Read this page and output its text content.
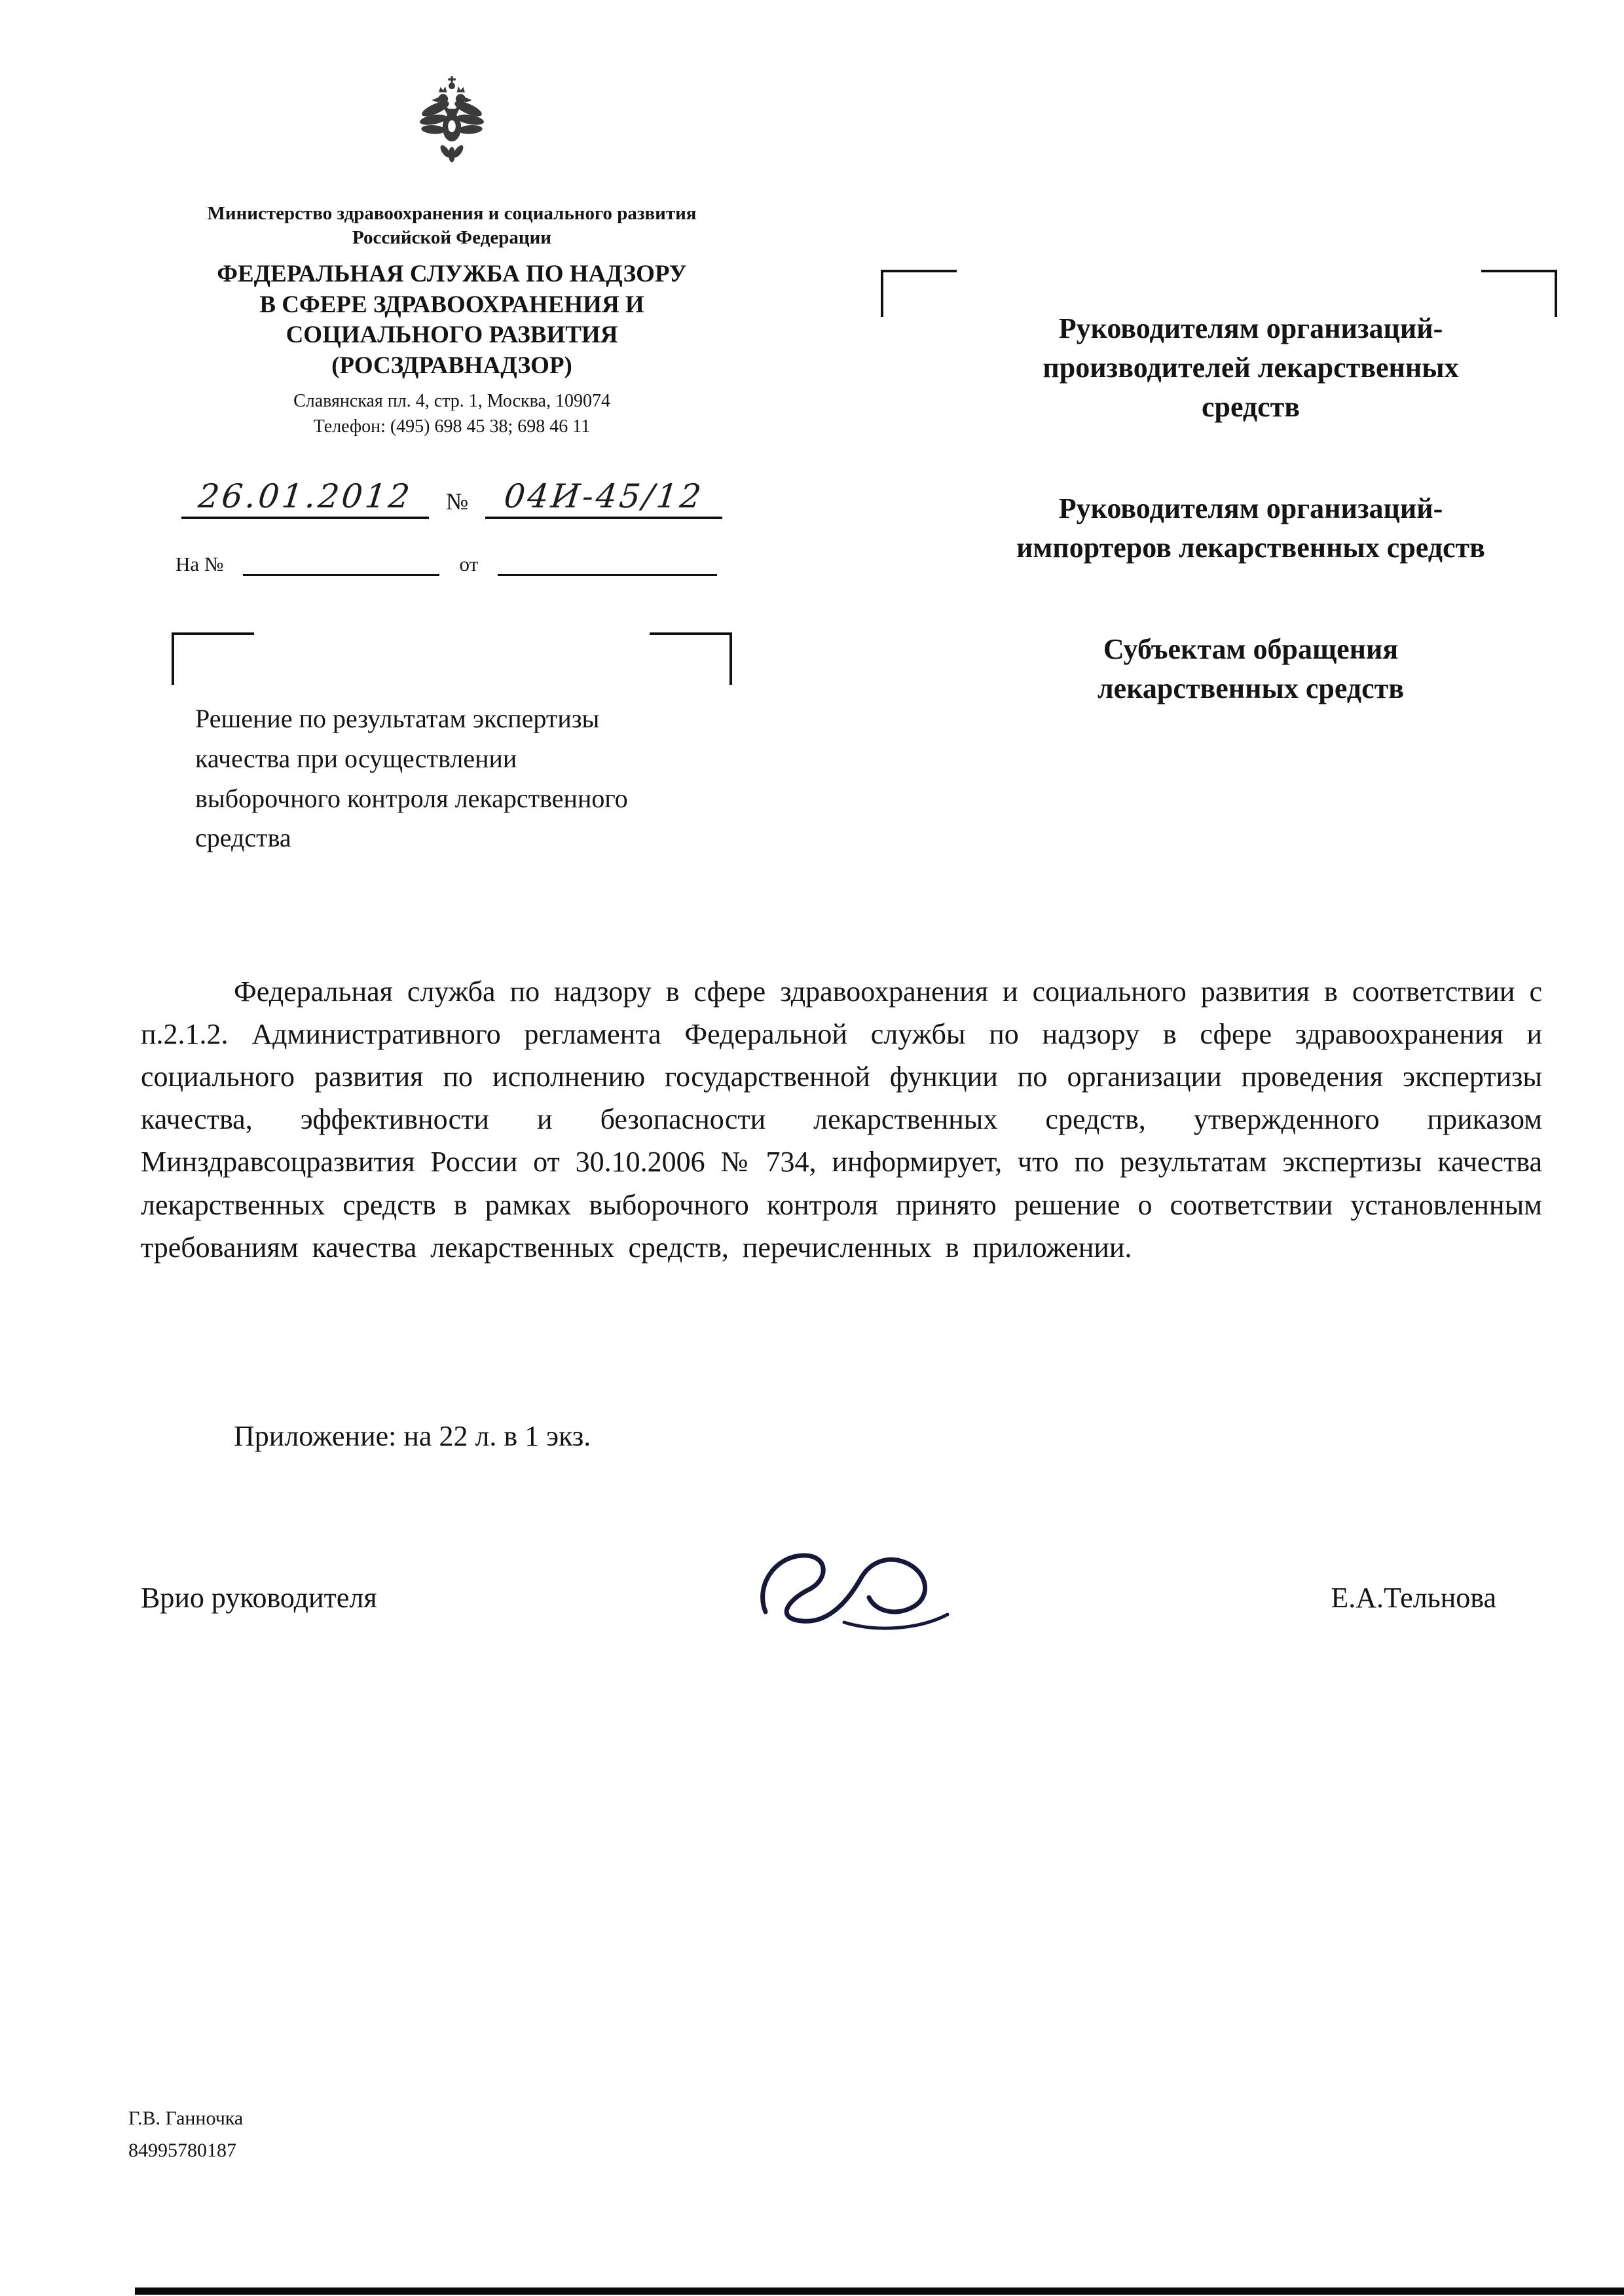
Министерство здравоохранения и социального развития Российской Федерации
ФЕДЕРАЛЬНАЯ СЛУЖБА ПО НАДЗОРУ
В СФЕРЕ ЗДРАВООХРАНЕНИЯ И
СОЦИАЛЬНОГО РАЗВИТИЯ
(РОСЗДРАВНАДЗОР)
Славянская пл. 4, стр. 1, Москва, 109074
Телефон: (495) 698 45 38; 698 46 11
26.01.2012	№	04И-45/12
На №	от
Решение по результатам экспертизы качества при осуществлении выборочного контроля лекарственного средства
Руководителям организаций-
производителей лекарственных
средств
Руководителям организаций-
импортеров лекарственных средств
Субъектам обращения
лекарственных средств
Федеральная служба по надзору в сфере здравоохранения и социального развития в соответствии с п.2.1.2. Административного регламента Федеральной службы по надзору в сфере здравоохранения и социального развития по исполнению государственной функции по организации проведения экспертизы качества, эффективности и безопасности лекарственных средств, утвержденного приказом Минздравсоцразвития России от 30.10.2006 № 734, информирует, что по результатам экспертизы качества лекарственных средств в рамках выборочного контроля принято решение о соответствии установленным требованиям качества лекарственных средств, перечисленных в приложении.
Приложение: на 22 л. в 1 экз.
Врио руководителя	Е.А.Тельнова
Г.В. Ганночка
84995780187
